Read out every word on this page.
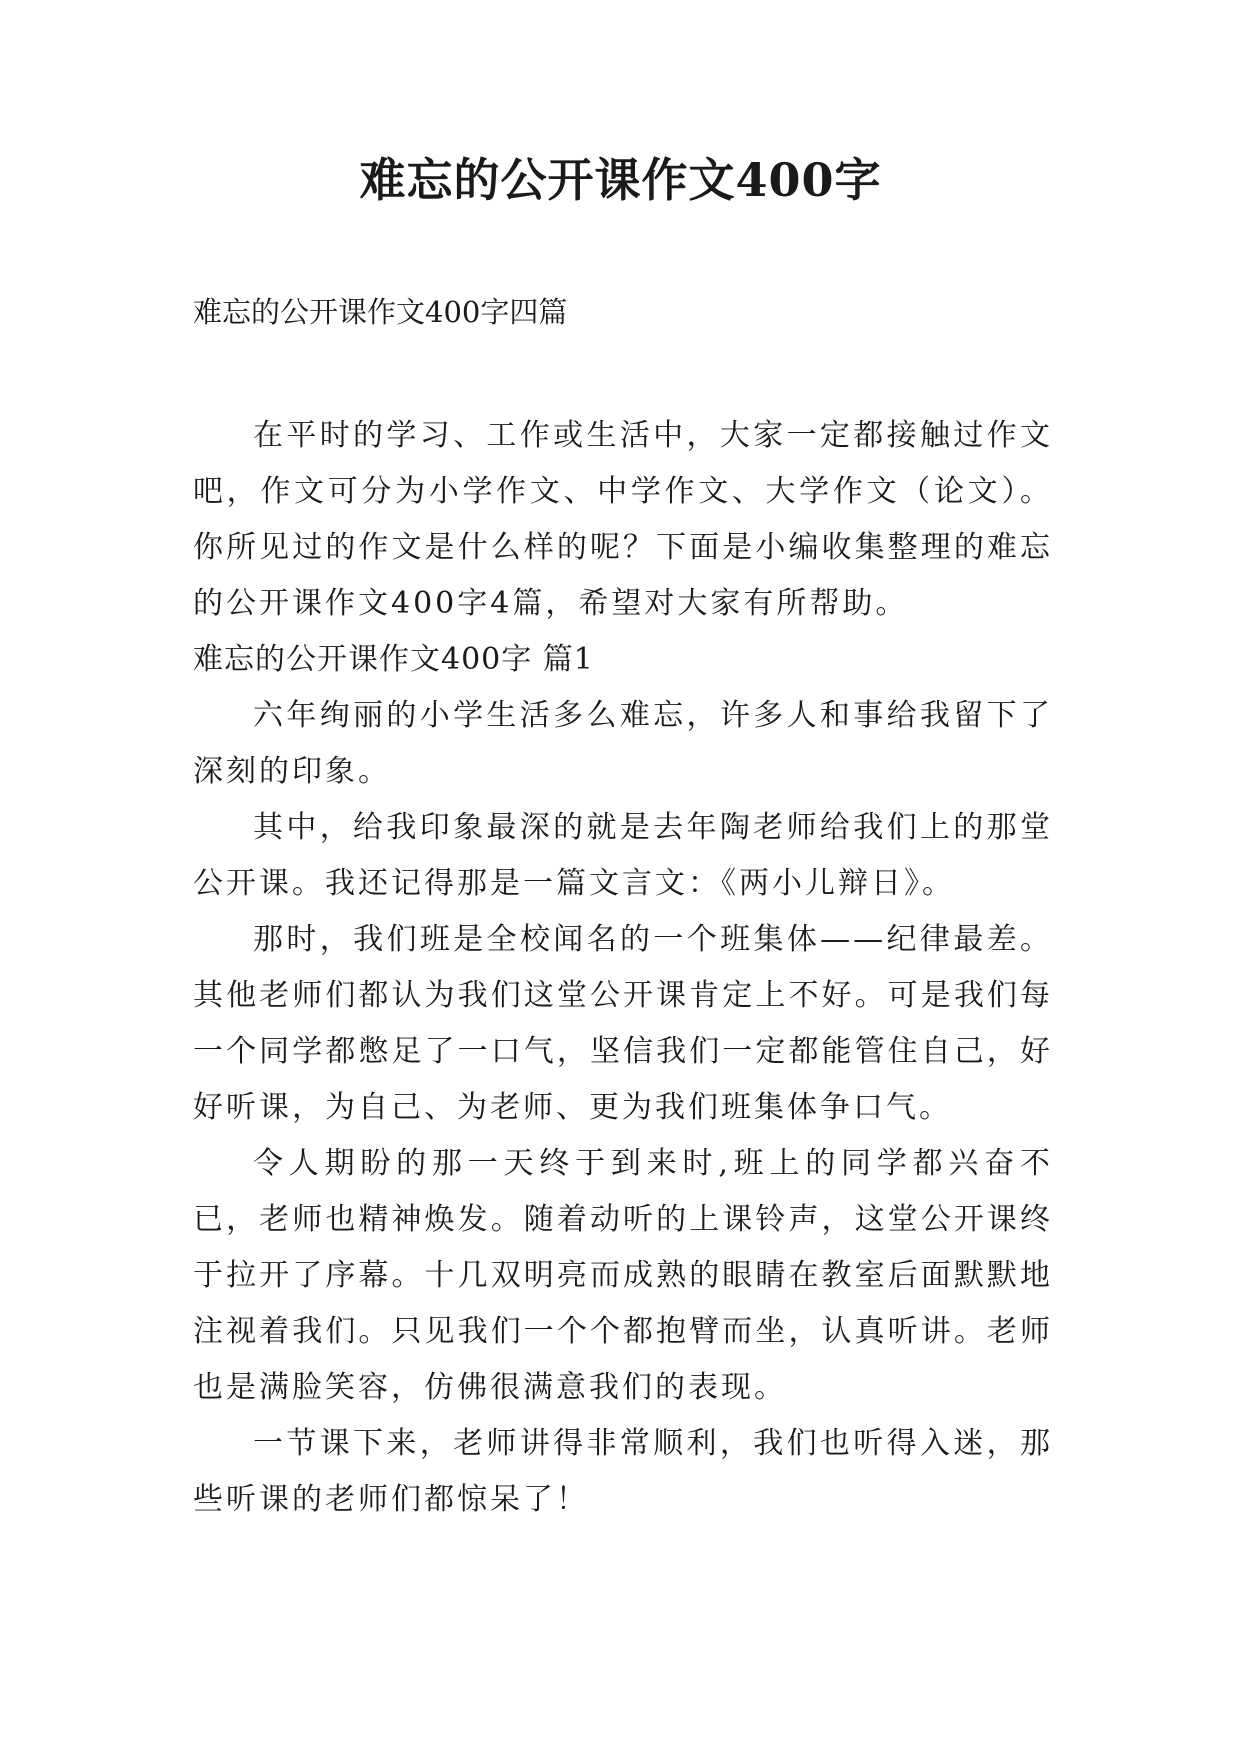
难忘的公开课作文400字

难忘的公开课作文400字四篇

在平时的学习、工作或生活中，大家一定都接触过作文吧，作文可分为小学作文、中学作文、大学作文（论文）。你所见过的作文是什么样的呢？下面是小编收集整理的难忘的公开课作文400字4篇，希望对大家有所帮助。

难忘的公开课作文400字 篇1

六年绚丽的小学生活多么难忘，许多人和事给我留下了深刻的印象。

其中，给我印象最深的就是去年陶老师给我们上的那堂公开课。我还记得那是一篇文言文：《两小儿辩日》。

那时，我们班是全校闻名的一个班集体——纪律最差。其他老师们都认为我们这堂公开课肯定上不好。可是我们每一个同学都憋足了一口气，坚信我们一定都能管住自己，好好听课，为自己、为老师、更为我们班集体争口气。

令人期盼的那一天终于到来时,班上的同学都兴奋不已，老师也精神焕发。随着动听的上课铃声，这堂公开课终于拉开了序幕。十几双明亮而成熟的眼睛在教室后面默默地注视着我们。只见我们一个个都抱臂而坐，认真听讲。老师也是满脸笑容，仿佛很满意我们的表现。

一节课下来，老师讲得非常顺利，我们也听得入迷，那些听课的老师们都惊呆了！
